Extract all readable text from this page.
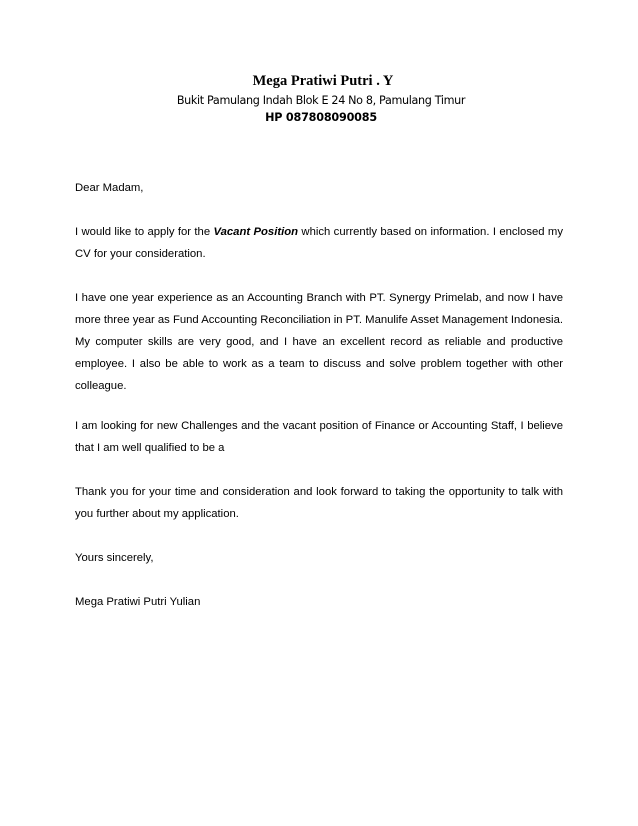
Mega Pratiwi Putri . Y

Bukit Pamulang Indah Blok E 24 No 8, Pamulang Timur

HP 087808090085

Dear Madam,

I would like to apply for the Vacant Position which currently based on information. I enclosed my CV for your consideration.

I have one year experience as an Accounting Branch with PT. Synergy Primelab, and now I have more three year as Fund Accounting Reconciliation in PT. Manulife Asset Management Indonesia. My computer skills are very good, and I have an excellent record as reliable and productive employee. I also be able to work as a team to discuss and solve problem together with other colleague.

I am looking for new Challenges and the vacant position of Finance or Accounting Staff, I believe that I am well qualified to be a

Thank you for your time and consideration and look forward to taking the opportunity to talk with you further about my application.

Yours sincerely,

Mega Pratiwi Putri Yulian
